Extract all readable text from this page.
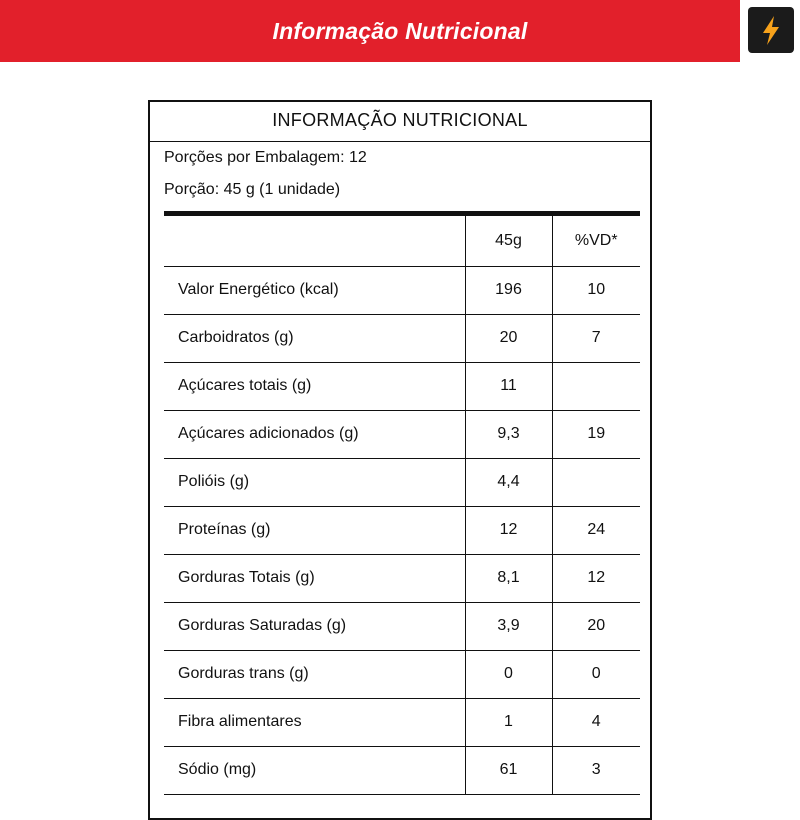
Informação Nutricional
INFORMAÇÃO NUTRICIONAL
Porções por Embalagem: 12
Porção: 45 g (1 unidade)
	45g	%VD*
Valor Energético (kcal)	196	10
Carboidratos (g)	20	7
Açúcares totais (g)	11	
Açúcares adicionados (g)	9,3	19
Polióis (g)	4,4	
Proteínas (g)	12	24
Gorduras Totais (g)	8,1	12
Gorduras Saturadas (g)	3,9	20
Gorduras trans (g)	0	0
Fibra alimentares	1	4
Sódio (mg)	61	3
